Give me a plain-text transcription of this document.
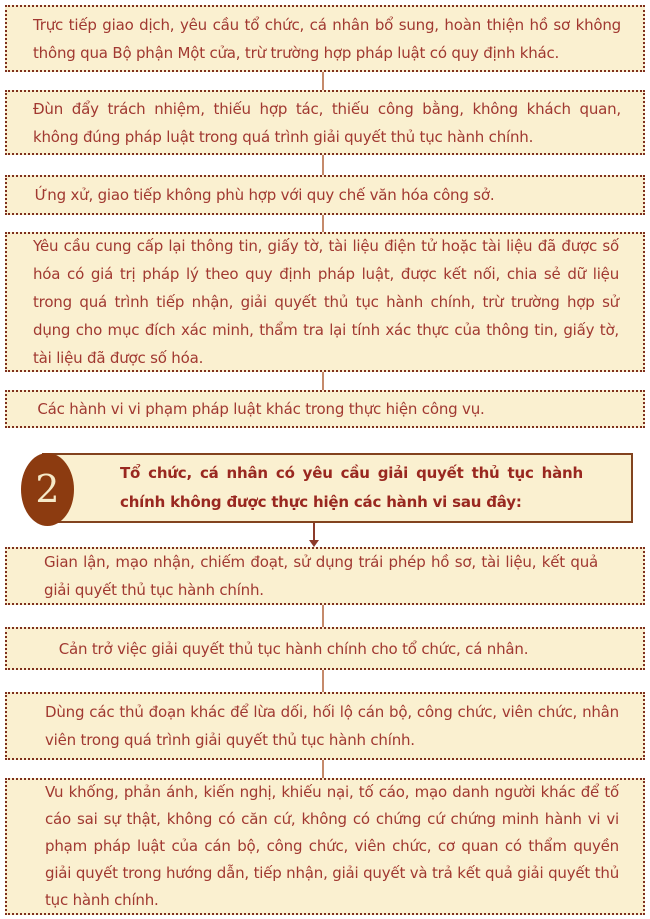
Trực tiếp giao dịch, yêu cầu tổ chức, cá nhân bổ sung, hoàn thiện hồ sơ không thông qua Bộ phận Một cửa, trừ trường hợp pháp luật có quy định khác.
Đùn đẩy trách nhiệm, thiếu hợp tác, thiếu công bằng, không khách quan, không đúng pháp luật trong quá trình giải quyết thủ tục hành chính.
Ứng xử, giao tiếp không phù hợp với quy chế văn hóa công sở.
Yêu cầu cung cấp lại thông tin, giấy tờ, tài liệu điện tử hoặc tài liệu đã được số hóa có giá trị pháp lý theo quy định pháp luật, được kết nối, chia sẻ dữ liệu trong quá trình tiếp nhận, giải quyết thủ tục hành chính, trừ trường hợp sử dụng cho mục đích xác minh, thẩm tra lại tính xác thực của thông tin, giấy tờ, tài liệu đã được số hóa.
Các hành vi vi phạm pháp luật khác trong thực hiện công vụ.
2	Tổ chức, cá nhân có yêu cầu giải quyết thủ tục hành chính không được thực hiện các hành vi sau đây:
Gian lận, mạo nhận, chiếm đoạt, sử dụng trái phép hồ sơ, tài liệu, kết quả giải quyết thủ tục hành chính.
Cản trở việc giải quyết thủ tục hành chính cho tổ chức, cá nhân.
Dùng các thủ đoạn khác để lừa dối, hối lộ cán bộ, công chức, viên chức, nhân viên trong quá trình giải quyết thủ tục hành chính.
Vu khống, phản ánh, kiến nghị, khiếu nại, tố cáo, mạo danh người khác để tố cáo sai sự thật, không có căn cứ, không có chứng cứ chứng minh hành vi vi phạm pháp luật của cán bộ, công chức, viên chức, cơ quan có thẩm quyền giải quyết trong hướng dẫn, tiếp nhận, giải quyết và trả kết quả giải quyết thủ tục hành chính.
